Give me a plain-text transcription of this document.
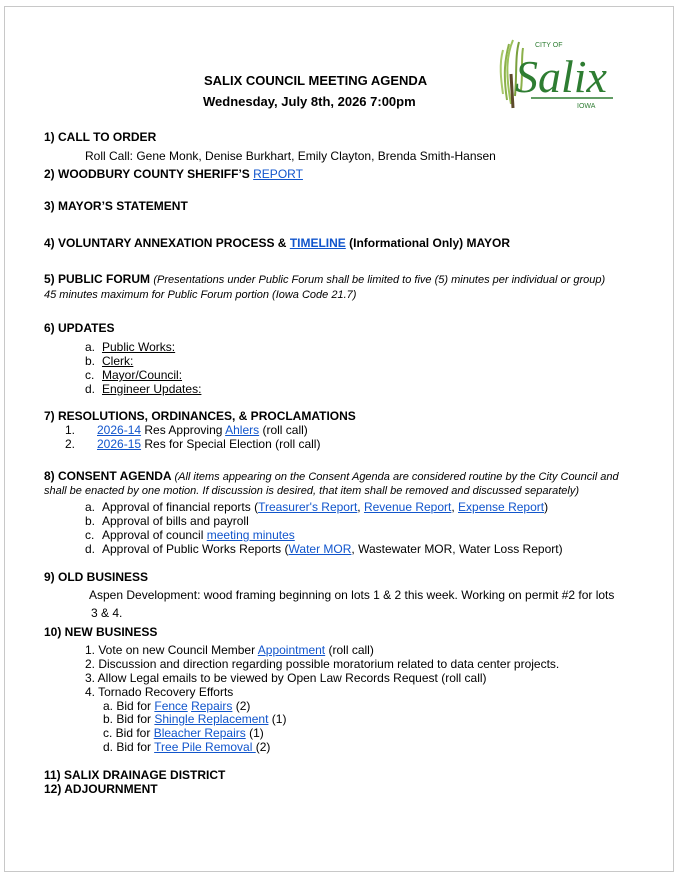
CITY OF
Salix
IOWA
SALIX COUNCIL MEETING AGENDA
Wednesday, July 8th, 2026 7:00pm
1) CALL TO ORDER
Roll Call: Gene Monk, Denise Burkhart, Emily Clayton, Brenda Smith-Hansen
2) WOODBURY COUNTY SHERIFF’S REPORT
3) MAYOR’S STATEMENT
4) VOLUNTARY ANNEXATION PROCESS & TIMELINE (Informational Only) MAYOR
5) PUBLIC FORUM (Presentations under Public Forum shall be limited to five (5) minutes per individual or group)
45 minutes maximum for Public Forum portion (Iowa Code 21.7)
6) UPDATES
a. Public Works:
b. Clerk:
c. Mayor/Council:
d. Engineer Updates:
7) RESOLUTIONS, ORDINANCES, & PROCLAMATIONS
1. 2026-14 Res Approving Ahlers (roll call)
2. 2026-15 Res for Special Election (roll call)
8) CONSENT AGENDA (All items appearing on the Consent Agenda are considered routine by the City Council and
shall be enacted by one motion. If discussion is desired, that item shall be removed and discussed separately)
a. Approval of financial reports (Treasurer's Report, Revenue Report, Expense Report)
b. Approval of bills and payroll
c. Approval of council meeting minutes
d. Approval of Public Works Reports (Water MOR, Wastewater MOR, Water Loss Report)
9) OLD BUSINESS
Aspen Development: wood framing beginning on lots 1 & 2 this week. Working on permit #2 for lots
3 & 4.
10) NEW BUSINESS
1. Vote on new Council Member Appointment (roll call)
2. Discussion and direction regarding possible moratorium related to data center projects.
3. Allow Legal emails to be viewed by Open Law Records Request (roll call)
4. Tornado Recovery Efforts
a. Bid for Fence Repairs (2)
b. Bid for Shingle Replacement (1)
c. Bid for Bleacher Repairs (1)
d. Bid for Tree Pile Removal (2)
11) SALIX DRAINAGE DISTRICT
12) ADJOURNMENT
